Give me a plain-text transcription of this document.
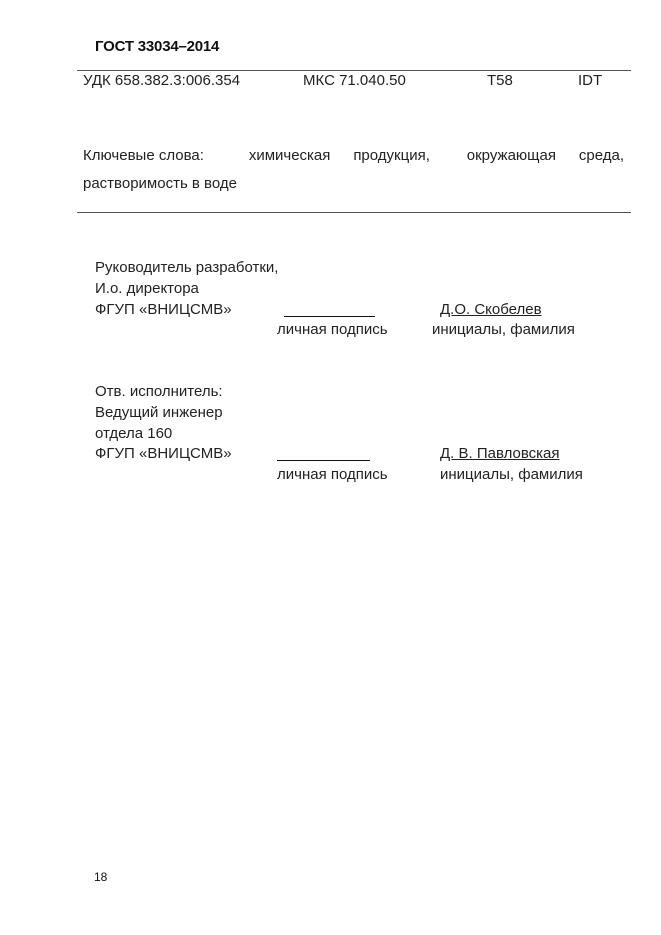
ГОСТ 33034–2014
УДК 658.382.3:006.354	МКС 71.040.50	Т58	IDT
Ключевые слова:	химическая продукция, окружающая среда,
растворимость в воде
Руководитель разработки,
И.о. директора
ФГУП «ВНИЦСМВ»	Д.О. Скобелев
личная подпись	инициалы, фамилия
Отв. исполнитель:
Ведущий инженер
отдела 160
ФГУП «ВНИЦСМВ»	Д. В. Павловская
личная подпись	инициалы, фамилия
18
